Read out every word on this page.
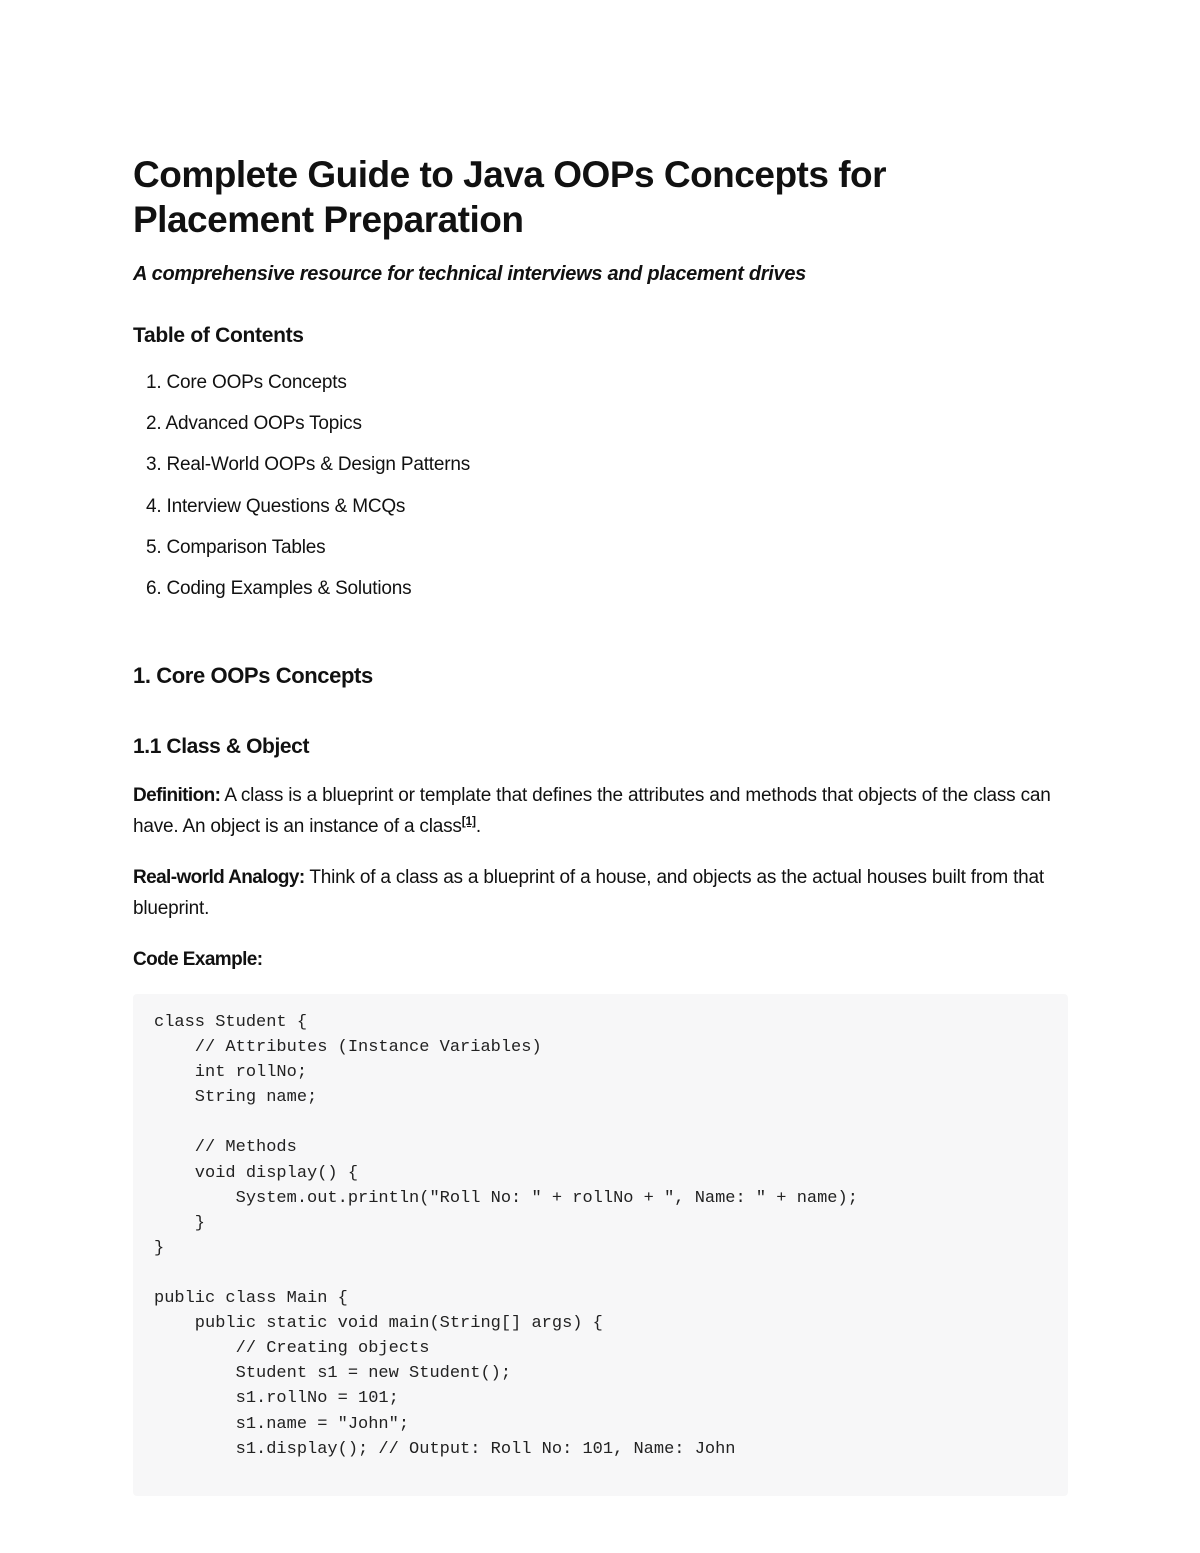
Complete Guide to Java OOPs Concepts for Placement Preparation

A comprehensive resource for technical interviews and placement drives

Table of Contents
1. Core OOPs Concepts
2. Advanced OOPs Topics
3. Real-World OOPs & Design Patterns
4. Interview Questions & MCQs
5. Comparison Tables
6. Coding Examples & Solutions
1. Core OOPs Concepts
1.1 Class & Object

Definition: A class is a blueprint or template that defines the attributes and methods that objects of the class can have. An object is an instance of a class[1].

Real-world Analogy: Think of a class as a blueprint of a house, and objects as the actual houses built from that blueprint.

Code Example:

class Student {
// Attributes (Instance Variables)
int rollNo;
String name;
// Methods
void display() {
System.out.println("Roll No: " + rollNo + ", Name: " + name);
}
}
public class Main {
public static void main(String[] args) {
// Creating objects
Student s1 = new Student();
s1.rollNo = 101;
s1.name = "John";
s1.display(); // Output: Roll No: 101, Name: John
